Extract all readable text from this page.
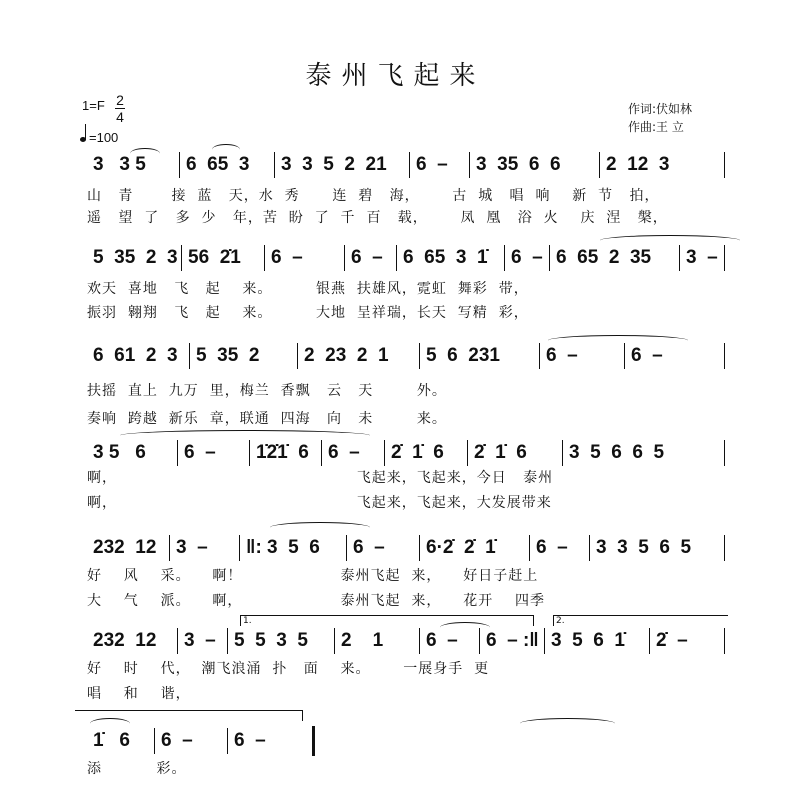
泰州飞起来
1=F 2
4
=100
作词:伏如林
作曲:王 立
3   3 5	6  65  3	3  3  5  2  21	6  –	3  35  6  6	2  12  3
山   青       接  蓝   天，水  秀      连  碧   海，      古  城   唱  响    新  节   拍，
遥   望  了   多  少   年，苦  盼  了  千  百   载，      凤  凰   浴  火    庆  涅   槃，
5  35  2  3 56  2̇1	6  –	6  –	6  65  3  1̇	6  – 6  65  2  35	3  –
欢天  喜地   飞   起    来。        银燕  扶雄风，霓虹  舞彩  带，
振羽  翱翔   飞   起    来。        大地  呈祥瑞，长天  写精  彩，
6  61  2  3 5  35  2	2  23  2  1	5  6  231	6  –	6  –
扶摇  直上  九万  里，梅兰  香飘   云   天        外。
奏响  跨越  新乐  章，联通  四海   向   未        来。
3 5   6	6  –	1̇2̇1̇  6	6  –	2̇  1̇  6	2̇  1̇  6	3  5  6  6  5
啊，                                            飞起来，飞起来，今日   泰州
啊，                                            飞起来，飞起来，大发展带来
232  12	3  –	‖: 3  5  6	6  –	6·2̇  2̇  1̇	6  –	3  3  5  6  5
好    风    采。    啊！                  泰州飞起  来，    好日子赶上
大    气    派。    啊，                  泰州飞起  来，    花开    四季
232  12	3  – 5  5  3  5	2    1	6  –	6  – :‖ 3  5  6  1̇	2̇  –
好    时    代，  潮飞浪涌  扑   面    来。      一展身手  更
唱    和    谐，
1̇   6	6  –	6  –
添          彩。
1.	2.
